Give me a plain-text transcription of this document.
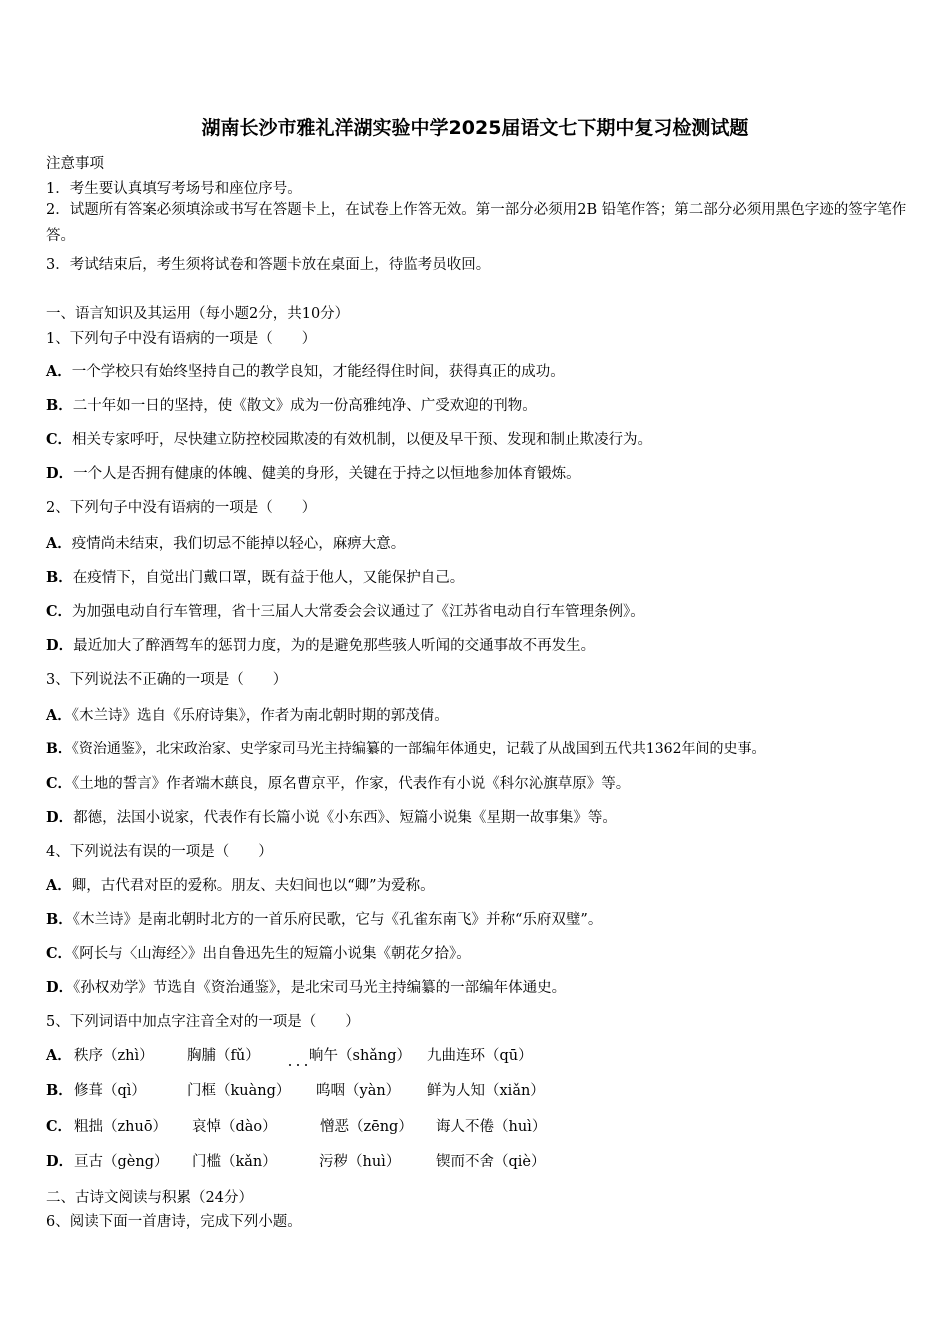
湖南长沙市雅礼洋湖实验中学2025届语文七下期中复习检测试题
注意事项
1．考生要认真填写考场号和座位序号。
2．试题所有答案必须填涂或书写在答题卡上，在试卷上作答无效。第一部分必须用2B 铅笔作答；第二部分必须用黑色字迹的签字笔作答。
3．考试结束后，考生须将试卷和答题卡放在桌面上，待监考员收回。
一、语言知识及其运用（每小题2分，共10分）
1、下列句子中没有语病的一项是（　　）
A．一个学校只有始终坚持自己的教学良知，才能经得住时间，获得真正的成功。
B．二十年如一日的坚持，使《散文》成为一份高雅纯净、广受欢迎的刊物。
C．相关专家呼吁，尽快建立防控校园欺凌的有效机制，以便及早干预、发现和制止欺凌行为。
D．一个人是否拥有健康的体魄、健美的身形，关键在于持之以恒地参加体育锻炼。
2、下列句子中没有语病的一项是（　　）
A．疫情尚未结束，我们切忌不能掉以轻心，麻痹大意。
B．在疫情下，自觉出门戴口罩，既有益于他人，又能保护自己。
C．为加强电动自行车管理，省十三届人大常委会会议通过了《江苏省电动自行车管理条例》。
D．最近加大了醉酒驾车的惩罚力度，为的是避免那些骇人听闻的交通事故不再发生。
3、下列说法不正确的一项是（　　）
A．《木兰诗》选自《乐府诗集》，作者为南北朝时期的郭茂倩。
B．《资治通鉴》，北宋政治家、史学家司马光主持编纂的一部编年体通史，记载了从战国到五代共1362年间的史事。
C．《土地的誓言》作者端木蕻良，原名曹京平，作家，代表作有小说《科尔沁旗草原》等。
D．都德，法国小说家，代表作有长篇小说《小东西》、短篇小说集《星期一故事集》等。
4、下列说法有误的一项是（　　）
A．卿，古代君对臣的爱称。朋友、夫妇间也以“卿”为爱称。
B．《木兰诗》是南北朝时北方的一首乐府民歌，它与《孔雀东南飞》并称“乐府双璧”。
C．《阿长与〈山海经〉》出自鲁迅先生的短篇小说集《朝花夕拾》。
D．《孙权劝学》节选自《资治通鉴》，是北宋司马光主持编纂的一部编年体通史。
5、下列词语中加点字注音全对的一项是（　　）
A． 秩序（zhì） 胸脯（fǔ）	晌午（shǎng） 九曲连环（qū）
B．修葺（qì）	门框（kuàng） 呜咽（yàn） 鲜为人知（xiǎn）
C． 粗拙（zhuō） 哀悼（dào）	憎恶（zēng） 诲人不倦（huì）
D．亘古（gèng） 门槛（kǎn）	污秽（huì） 锲而不舍（qiè）
二、古诗文阅读与积累（24分）
6、阅读下面一首唐诗，完成下列小题。
